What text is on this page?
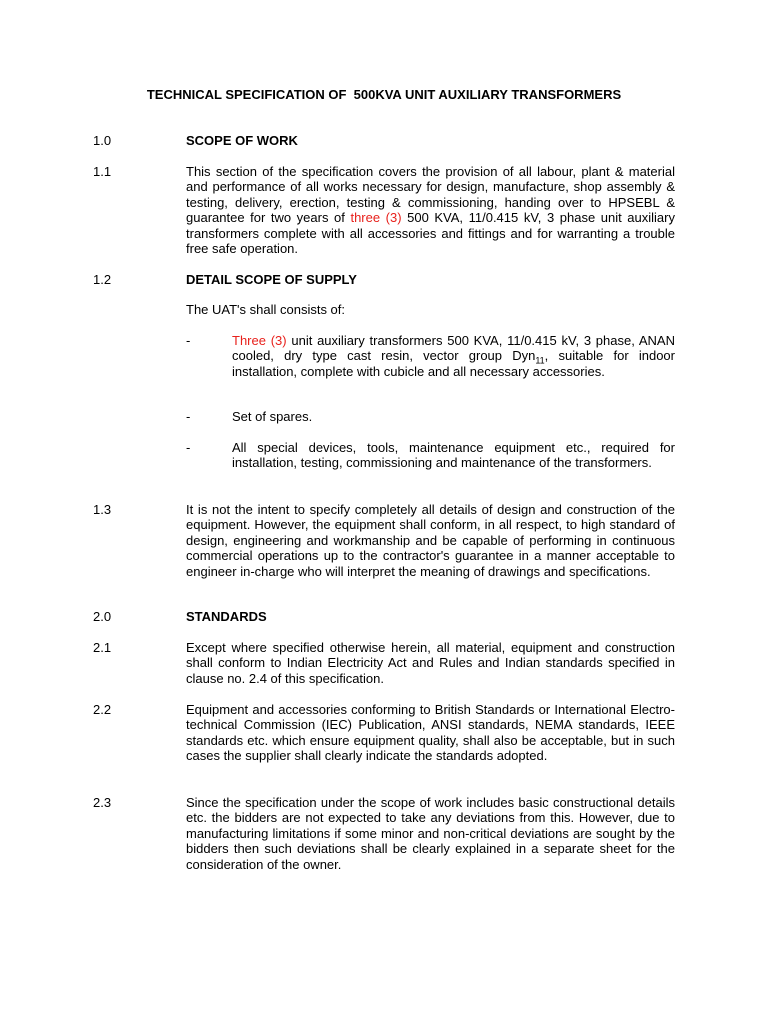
TECHNICAL SPECIFICATION OF  500KVA UNIT AUXILIARY TRANSFORMERS
1.0	SCOPE OF WORK
1.1	This section of the specification covers the provision of all labour, plant & material and performance of all works necessary for design, manufacture, shop assembly & testing, delivery, erection, testing & commissioning, handing over to HPSEBL & guarantee for two years of three (3) 500 KVA, 11/0.415 kV, 3 phase unit auxiliary transformers complete with all accessories and fittings and for warranting a trouble free safe operation.
1.2	DETAIL SCOPE OF SUPPLY
The UAT's shall consists of:
-	Three (3) unit auxiliary transformers 500 KVA, 11/0.415 kV, 3 phase, ANAN cooled, dry type cast resin, vector group Dyn$_{11}$, suitable for indoor installation, complete with cubicle and all necessary accessories.
-	Set of spares.
-	All special devices, tools, maintenance equipment etc., required for installation, testing, commissioning and maintenance of the transformers.
1.3	It is not the intent to specify completely all details of design and construction of the equipment. However, the equipment shall conform, in all respect, to high standard of design, engineering and workmanship and be capable of performing in continuous commercial operations up to the contractor's guarantee in a manner acceptable to engineer in-charge who will interpret the meaning of drawings and specifications.
2.0	STANDARDS
2.1	Except where specified otherwise herein, all material, equipment and construction shall conform to Indian Electricity Act and Rules and Indian standards specified in clause no. 2.4 of this specification.
2.2	Equipment and accessories conforming to British Standards or International Electro- technical Commission (IEC) Publication, ANSI standards, NEMA standards, IEEE standards etc. which ensure equipment quality, shall also be acceptable, but in such cases the supplier shall clearly indicate the standards adopted.
2.3	Since the specification under the scope of work includes basic constructional details etc. the bidders are not expected to take any deviations from this. However, due to manufacturing limitations if some minor and non-critical deviations are sought by the bidders then such deviations shall be clearly explained in a separate sheet for the consideration of the owner.
